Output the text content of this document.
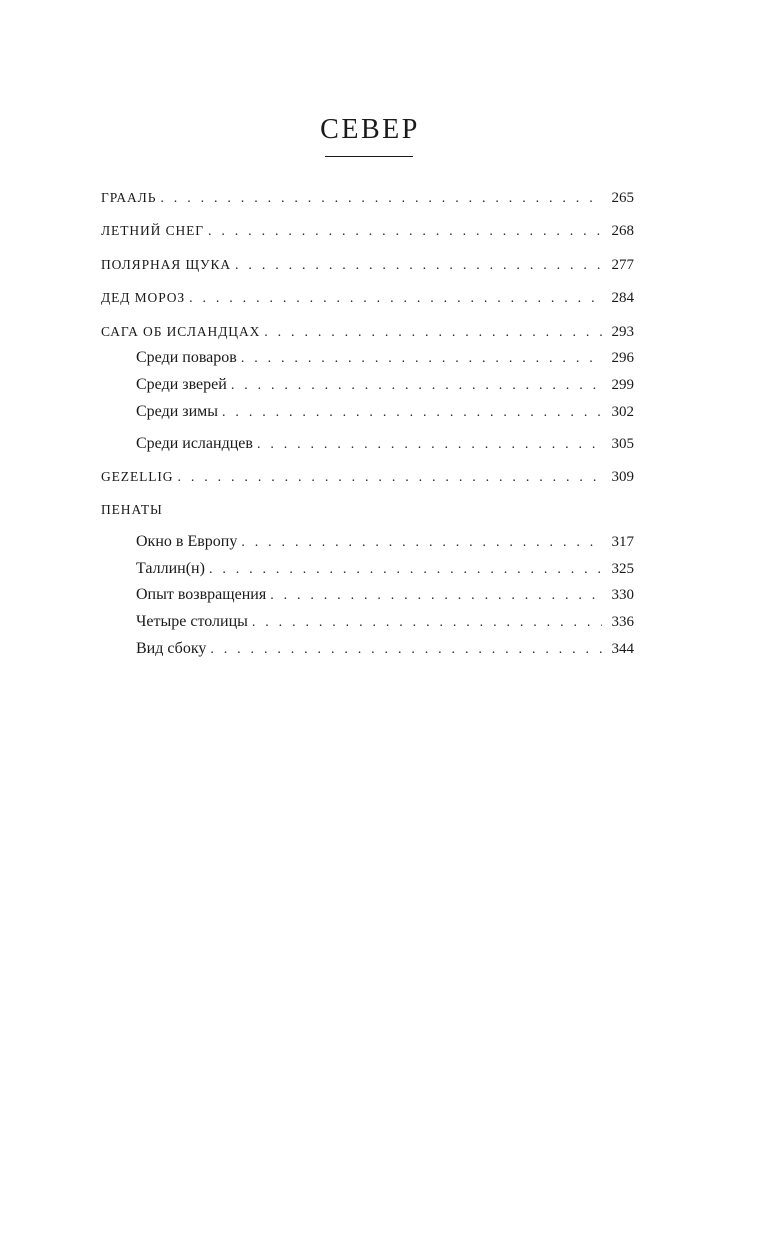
СЕВЕР
ГРААЛЬ . . .	265
ЛЕТНИЙ СНЕГ . . .	268
ПОЛЯРНАЯ ЩУКА . . .	277
ДЕД МОРОЗ . . .	284
САГА ОБ ИСЛАНДЦАХ . . .	293
Среди поваров . . .	296
Среди зверей . . .	299
Среди зимы . . .	302
Среди исландцев . . .	305
GEZELLIG . . .	309
ПЕНАТЫ
Окно в Европу . . .	317
Таллин(н) . . .	325
Опыт возвращения . . .	330
Четыре столицы . . .	336
Вид сбоку . . .	344
